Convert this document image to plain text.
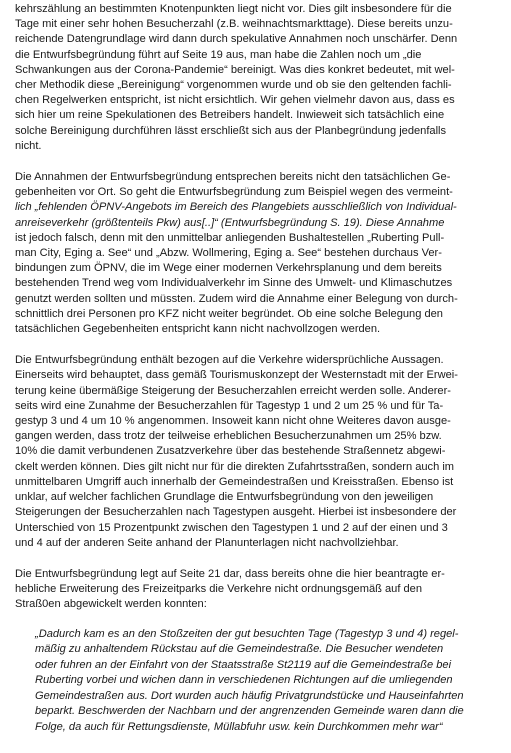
kehrszählung an bestimmten Knotenpunkten liegt nicht vor. Dies gilt insbesondere für die
Tage mit einer sehr hohen Besucherzahl (z.B. weihnachtsmarkttage). Diese bereits unzu-
reichende Datengrundlage wird dann durch spekulative Annahmen noch unschärfer. Denn
die Entwurfsbegründung führt auf Seite 19 aus, man habe die Zahlen noch um „die
Schwankungen aus der Corona-Pandemie“ bereinigt. Was dies konkret bedeutet, mit wel-
cher Methodik diese „Bereinigung“ vorgenommen wurde und ob sie den geltenden fachli-
chen Regelwerken entspricht, ist nicht ersichtlich. Wir gehen vielmehr davon aus, dass es
sich hier um reine Spekulationen des Betreibers handelt. Inwieweit sich tatsächlich eine
solche Bereinigung durchführen lässt erschließt sich aus der Planbegründung jedenfalls
nicht.

Die Annahmen der Entwurfsbegründung entsprechen bereits nicht den tatsächlichen Ge-
gebenheiten vor Ort. So geht die Entwurfsbegründung zum Beispiel wegen des vermeint-
lich „fehlenden ÖPNV-Angebots im Bereich des Plangebiets ausschließlich von Individual-
anreiseverkehr (größtenteils Pkw) aus[..]“ (Entwurfsbegründung S. 19). Diese Annahme
ist jedoch falsch, denn mit den unmittelbar anliegenden Bushaltestellen „Ruberting Pull-
man City, Eging a. See“ und „Abzw. Wollmering, Eging a. See“ bestehen durchaus Ver-
bindungen zum ÖPNV, die im Wege einer modernen Verkehrsplanung und dem bereits
bestehenden Trend weg vom Individualverkehr im Sinne des Umwelt- und Klimaschutzes
genutzt werden sollten und müssten. Zudem wird die Annahme einer Belegung von durch-
schnittlich drei Personen pro KFZ nicht weiter begründet. Ob eine solche Belegung den
tatsächlichen Gegebenheiten entspricht kann nicht nachvollzogen werden.

Die Entwurfsbegründung enthält bezogen auf die Verkehre widersprüchliche Aussagen.
Einerseits wird behauptet, dass gemäß Tourismuskonzept der Westernstadt mit der Erwei-
terung keine übermäßige Steigerung der Besucherzahlen erreicht werden solle. Anderer-
seits wird eine Zunahme der Besucherzahlen für Tagestyp 1 und 2 um 25 % und für Ta-
gestyp 3 und 4 um 10 % angenommen. Insoweit kann nicht ohne Weiteres davon ausge-
gangen werden, dass trotz der teilweise erheblichen Besucherzunahmen um 25% bzw.
10% die damit verbundenen Zusatzverkehre über das bestehende Straßennetz abgewi-
ckelt werden können. Dies gilt nicht nur für die direkten Zufahrtsstraßen, sondern auch im
unmittelbaren Umgriff auch innerhalb der Gemeindestraßen und Kreisstraßen. Ebenso ist
unklar, auf welcher fachlichen Grundlage die Entwurfsbegründung von den jeweiligen
Steigerungen der Besucherzahlen nach Tagestypen ausgeht. Hierbei ist insbesondere der
Unterschied von 15 Prozentpunkt zwischen den Tagestypen 1 und 2 auf der einen und 3
und 4 auf der anderen Seite anhand der Planunterlagen nicht nachvollziehbar.

Die Entwurfsbegründung legt auf Seite 21 dar, dass bereits ohne die hier beantragte er-
hebliche Erweiterung des Freizeitparks die Verkehre nicht ordnungsgemäß auf den
Straß0en abgewickelt werden konnten:

„Dadurch kam es an den Stoßzeiten der gut besuchten Tage (Tagestyp 3 und 4) regel-
mäßig zu anhaltendem Rückstau auf die Gemeindestraße. Die Besucher wendeten
oder fuhren an der Einfahrt von der Staatsstraße St2119 auf die Gemeindestraße bei
Ruberting vorbei und wichen dann in verschiedenen Richtungen auf die umliegenden
Gemeindestraßen aus. Dort wurden auch häufig Privatgrundstücke und Hauseinfahrten
beparkt. Beschwerden der Nachbarn und der angrenzenden Gemeinde waren dann die
Folge, da auch für Rettungsdienste, Müllabfuhr usw. kein Durchkommen mehr war“
